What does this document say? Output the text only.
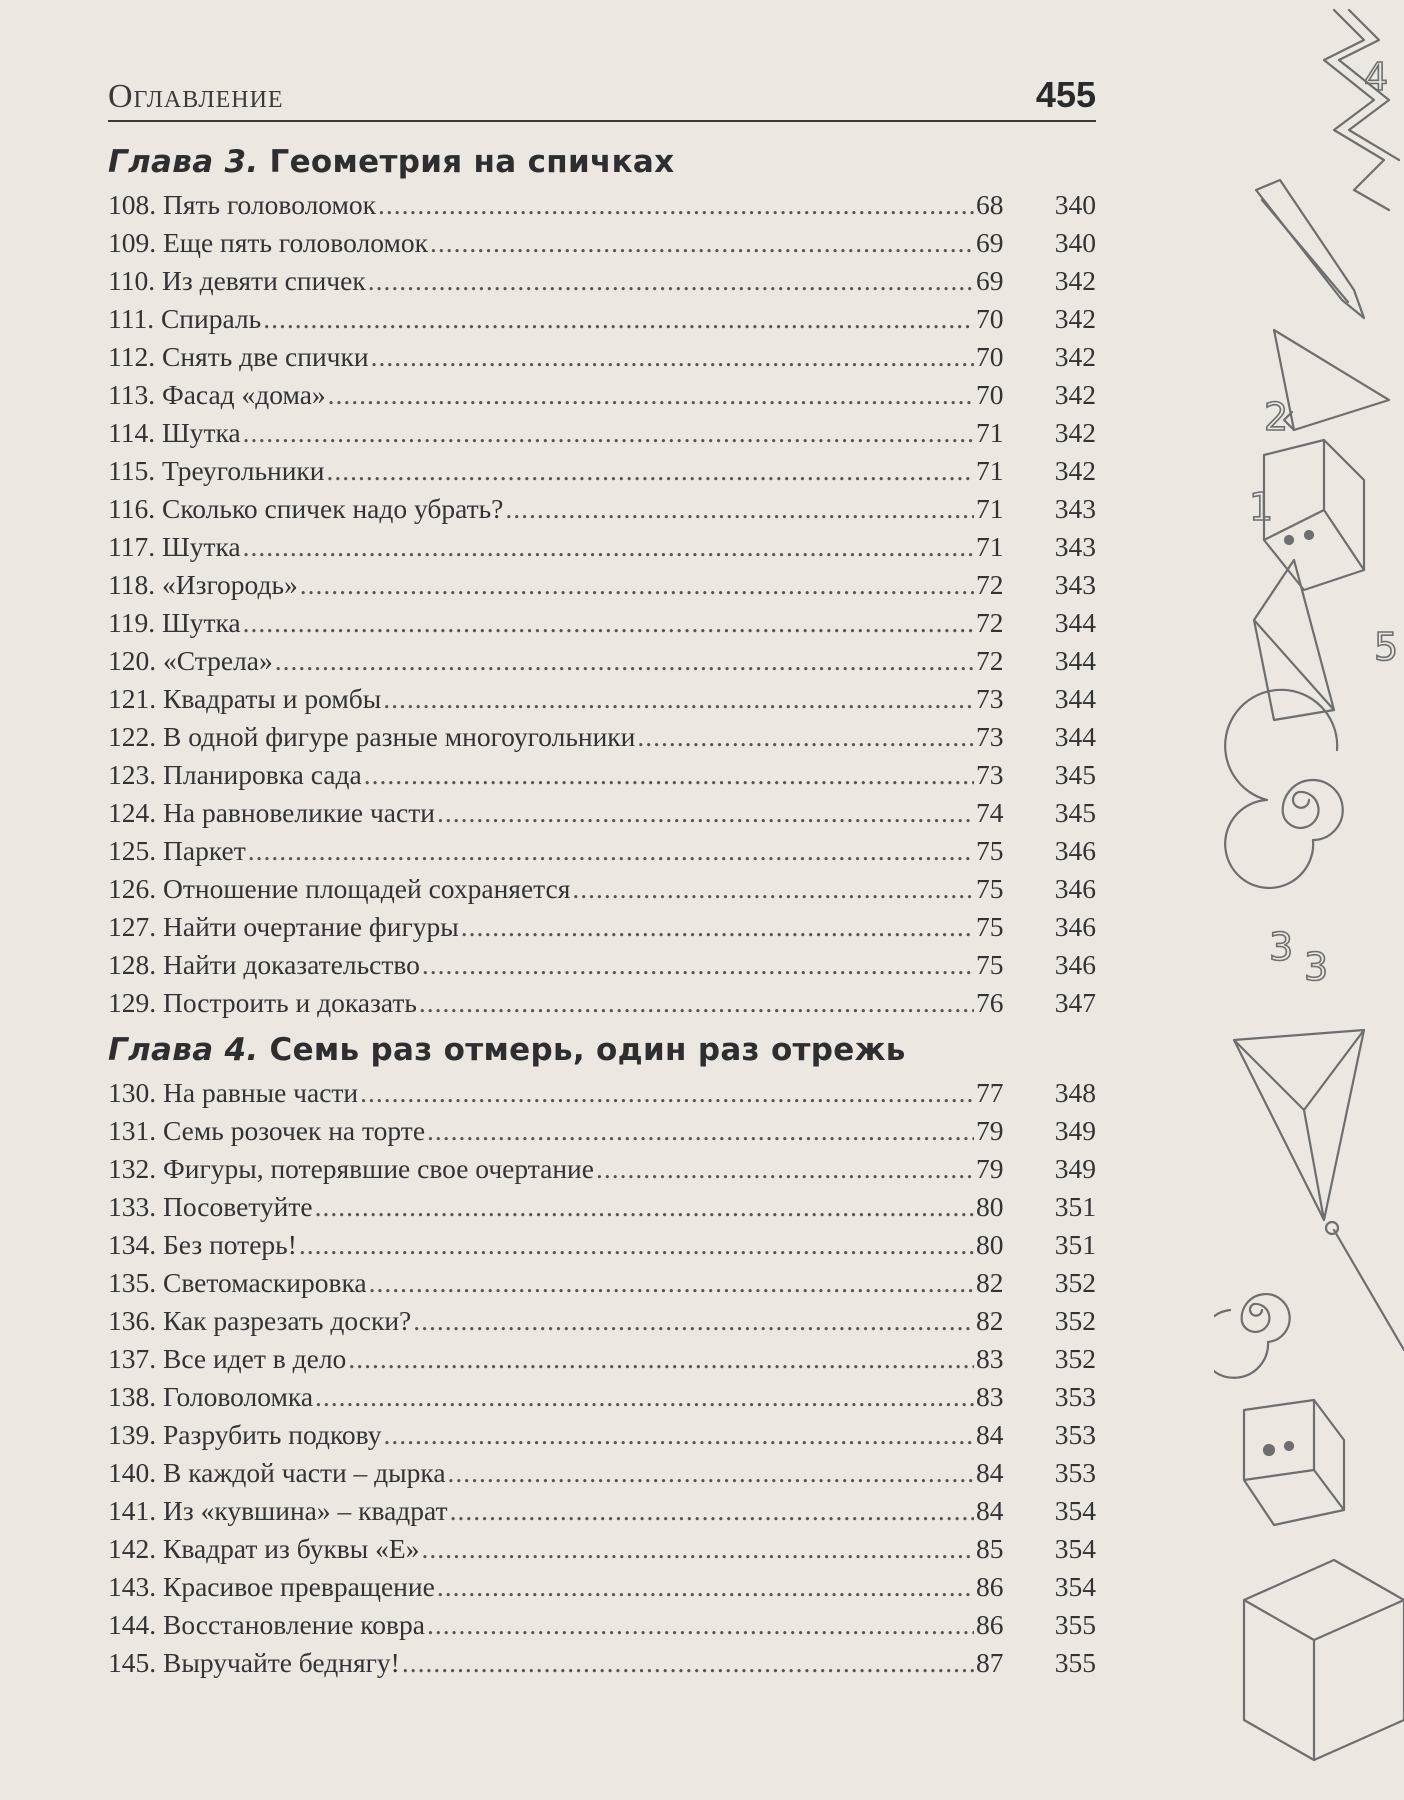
Оглавление	455
Глава 3. Геометрия на спичках
108. Пять головоломок .....	68	340
109. Еще пять головоломок .....	69	340
110. Из девяти спичек .....	69	342
111. Спираль .....	70	342
112. Снять две спички .....	70	342
113. Фасад «дома» .....	70	342
114. Шутка .....	71	342
115. Треугольники .....	71	342
116. Сколько спичек надо убрать? .....	71	343
117. Шутка .....	71	343
118. «Изгородь» .....	72	343
119. Шутка .....	72	344
120. «Стрела» .....	72	344
121. Квадраты и ромбы .....	73	344
122. В одной фигуре разные многоугольники .....	73	344
123. Планировка сада .....	73	345
124. На равновеликие части .....	74	345
125. Паркет .....	75	346
126. Отношение площадей сохраняется .....	75	346
127. Найти очертание фигуры .....	75	346
128. Найти доказательство .....	75	346
129. Построить и доказать .....	76	347
Глава 4. Семь раз отмерь, один раз отрежь
130. На равные части .....	77	348
131. Семь розочек на торте .....	79	349
132. Фигуры, потерявшие свое очертание .....	79	349
133. Посоветуйте .....	80	351
134. Без потерь! .....	80	351
135. Светомаскировка .....	82	352
136. Как разрезать доски? .....	82	352
137. Все идет в дело .....	83	352
138. Головоломка .....	83	353
139. Разрубить подкову .....	84	353
140. В каждой части – дырка .....	84	353
141. Из «кувшина» – квадрат .....	84	354
142. Квадрат из буквы «Е» .....	85	354
143. Красивое превращение .....	86	354
144. Восстановление ковра .....	86	355
145. Выручайте беднягу! .....	87	355
4
2
1
5
3 3
